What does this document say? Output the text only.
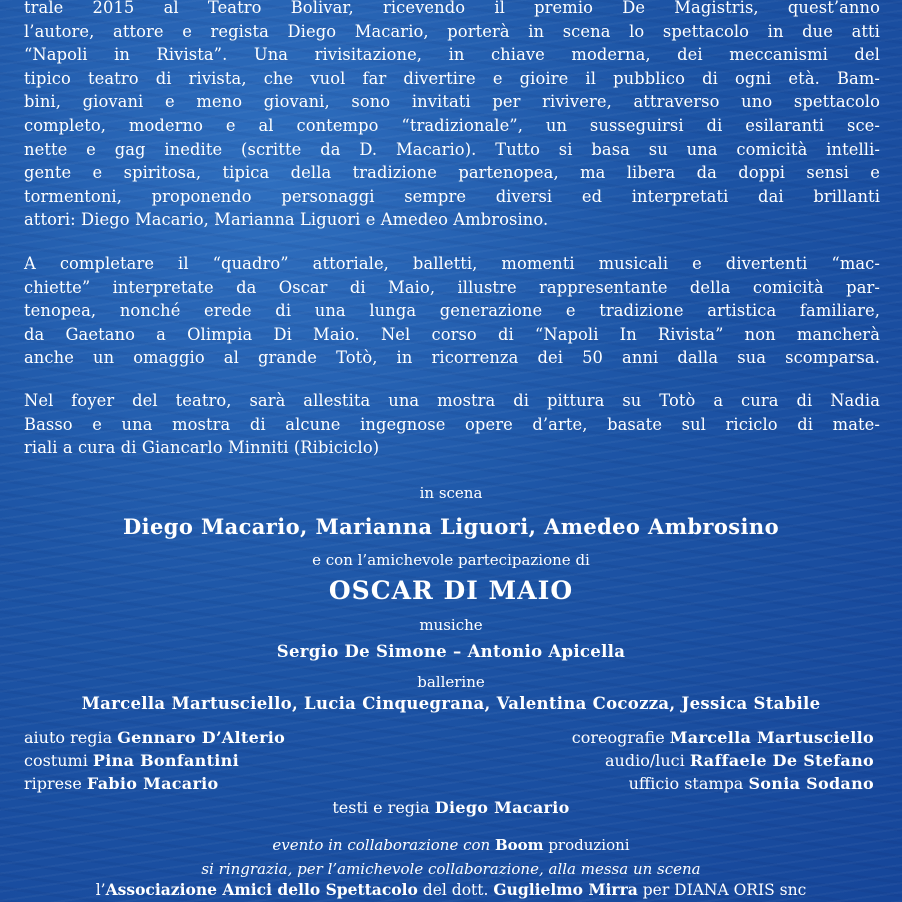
trale 2015 al Teatro Bolivar, ricevendo il premio De Magistris, quest’anno
l’autore, attore e regista Diego Macario, porterà in scena lo spettacolo in due atti
“Napoli in Rivista”. Una rivisitazione, in chiave moderna, dei meccanismi del
tipico teatro di rivista, che vuol far divertire e gioire il pubblico di ogni età. Bam-
bini, giovani e meno giovani, sono invitati per rivivere, attraverso uno spettacolo
completo, moderno e al contempo “tradizionale”, un susseguirsi di esilaranti sce-
nette e gag inedite (scritte da D. Macario). Tutto si basa su una comicità intelli-
gente e spiritosa, tipica della tradizione partenopea, ma libera da doppi sensi e
tormentoni, proponendo personaggi sempre diversi ed interpretati dai brillanti
attori: Diego Macario, Marianna Liguori e Amedeo Ambrosino.
A completare il “quadro” attoriale, balletti, momenti musicali e divertenti “mac-
chiette” interpretate da Oscar di Maio, illustre rappresentante della comicità par-
tenopea, nonché erede di una lunga generazione e tradizione artistica familiare,
da Gaetano a Olimpia Di Maio. Nel corso di “Napoli In Rivista” non mancherà
anche un omaggio al grande Totò, in ricorrenza dei 50 anni dalla sua scomparsa.
Nel foyer del teatro, sarà allestita una mostra di pittura su Totò a cura di Nadia
Basso e una mostra di alcune ingegnose opere d’arte, basate sul riciclo di mate-
riali a cura di Giancarlo Minniti (Ribiciclo)
in scena
Diego Macario, Marianna Liguori, Amedeo Ambrosino
e con l’amichevole partecipazione di
OSCAR DI MAIO
musiche
Sergio De Simone – Antonio Apicella
ballerine
Marcella Martusciello, Lucia Cinquegrana, Valentina Cocozza, Jessica Stabile
aiuto regia Gennaro D’Alterio
costumi Pina Bonfantini
riprese Fabio Macario
coreografie Marcella Martusciello
audio/luci Raffaele De Stefano
ufficio stampa Sonia Sodano
testi e regia Diego Macario
evento in collaborazione con Boom produzioni
si ringrazia, per l’amichevole collaborazione, alla messa un scena
l’Associazione Amici dello Spettacolo del dott. Guglielmo Mirra per DIANA ORIS snc
